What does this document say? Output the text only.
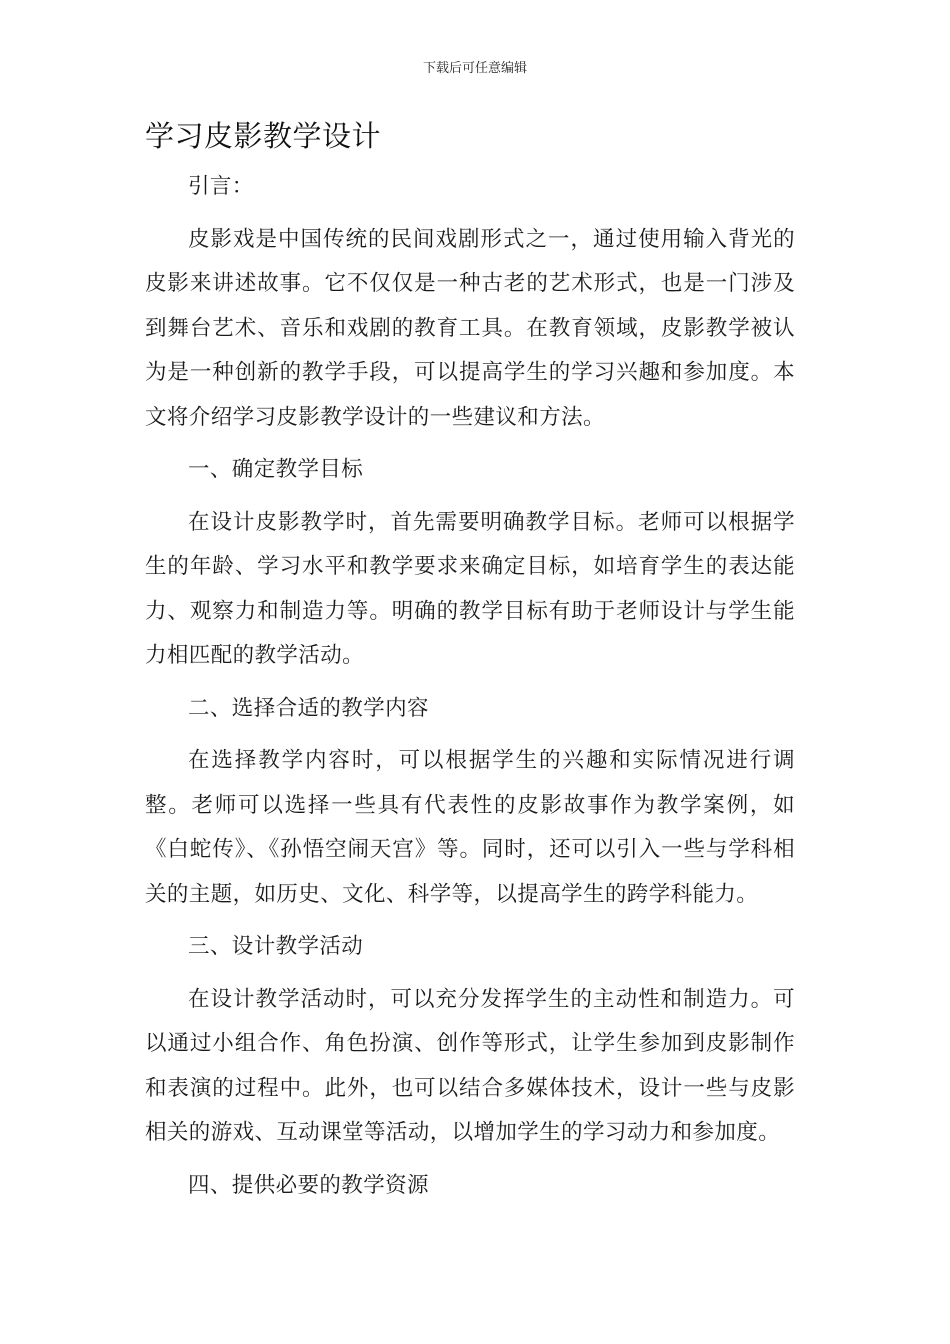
下载后可任意编辑
学习皮影教学设计

引言：

皮影戏是中国传统的民间戏剧形式之一，通过使用输入背光的皮影来讲述故事。它不仅仅是一种古老的艺术形式，也是一门涉及到舞台艺术、音乐和戏剧的教育工具。在教育领域，皮影教学被认为是一种创新的教学手段，可以提高学生的学习兴趣和参加度。本文将介绍学习皮影教学设计的一些建议和方法。

一、确定教学目标

在设计皮影教学时，首先需要明确教学目标。老师可以根据学生的年龄、学习水平和教学要求来确定目标，如培育学生的表达能力、观察力和制造力等。明确的教学目标有助于老师设计与学生能力相匹配的教学活动。

二、选择合适的教学内容

在选择教学内容时，可以根据学生的兴趣和实际情况进行调整。老师可以选择一些具有代表性的皮影故事作为教学案例，如《白蛇传》、《孙悟空闹天宫》等。同时，还可以引入一些与学科相关的主题，如历史、文化、科学等，以提高学生的跨学科能力。

三、设计教学活动

在设计教学活动时，可以充分发挥学生的主动性和制造力。可以通过小组合作、角色扮演、创作等形式，让学生参加到皮影制作和表演的过程中。此外，也可以结合多媒体技术，设计一些与皮影相关的游戏、互动课堂等活动，以增加学生的学习动力和参加度。

四、提供必要的教学资源
